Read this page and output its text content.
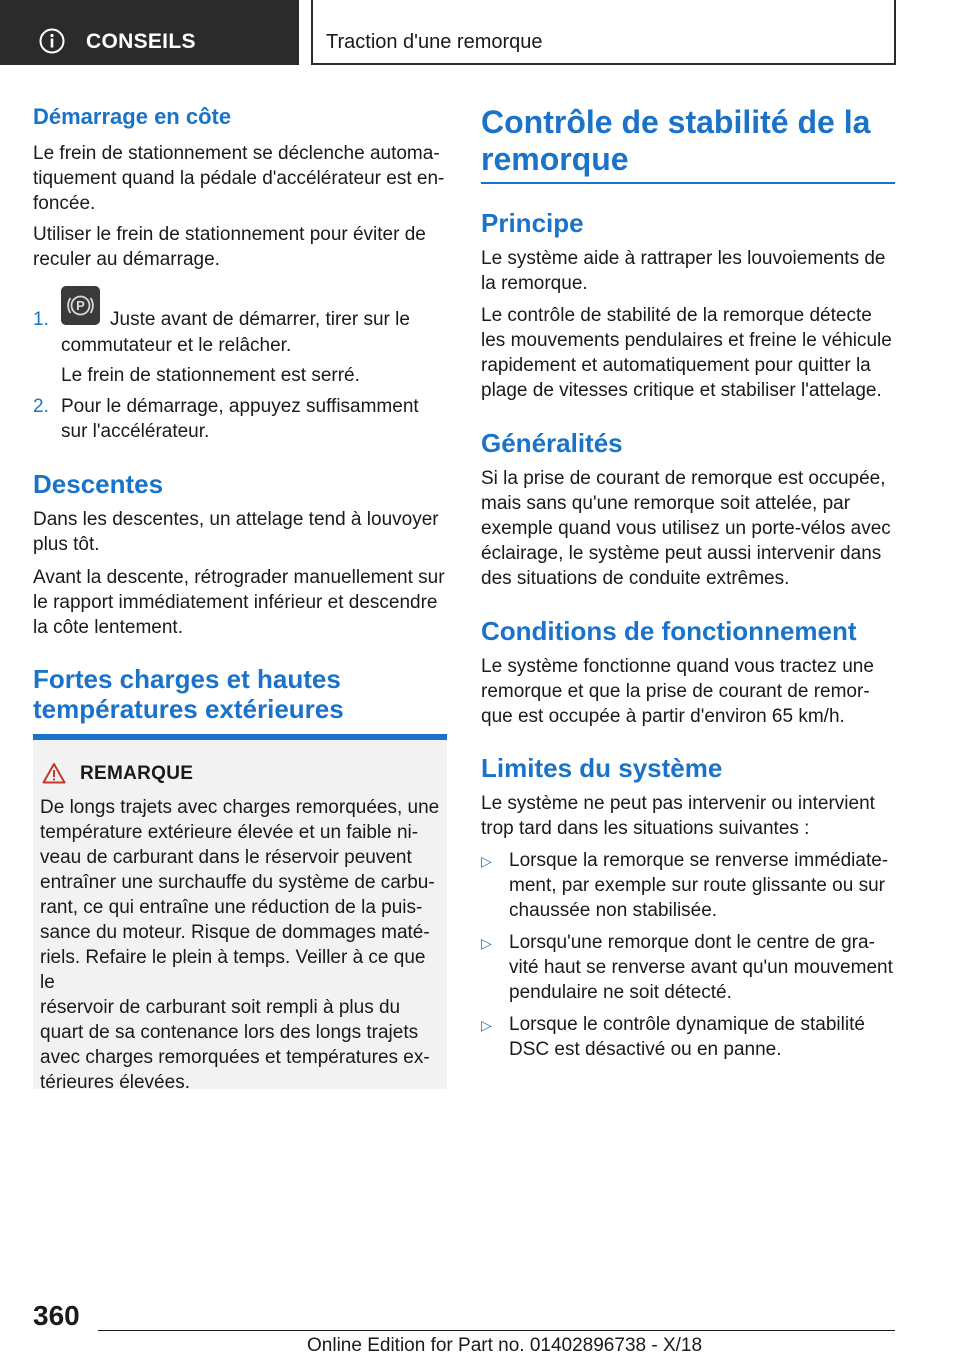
CONSEILS	Traction d'une remorque
Démarrage en côte
Le frein de stationnement se déclenche automa-
tiquement quand la pédale d'accélérateur est en-
foncée.
Utiliser le frein de stationnement pour éviter de
reculer au démarrage.
1.
P
Juste avant de démarrer, tirer sur le
commutateur et le relâcher.
Le frein de stationnement est serré.
2. Pour le démarrage, appuyez suffisamment
sur l'accélérateur.
Descentes
Dans les descentes, un attelage tend à louvoyer
plus tôt.
Avant la descente, rétrograder manuellement sur
le rapport immédiatement inférieur et descendre
la côte lentement.
Fortes charges et hautes
températures extérieures
REMARQUE
De longs trajets avec charges remorquées, une
température extérieure élevée et un faible ni-
veau de carburant dans le réservoir peuvent
entraîner une surchauffe du système de carbu-
rant, ce qui entraîne une réduction de la puis-
sance du moteur. Risque de dommages maté-
riels. Refaire le plein à temps. Veiller à ce que le
réservoir de carburant soit rempli à plus du
quart de sa contenance lors des longs trajets
avec charges remorquées et températures ex-
térieures élevées.
Contrôle de stabilité de la
remorque
Principe
Le système aide à rattraper les louvoiements de
la remorque.
Le contrôle de stabilité de la remorque détecte
les mouvements pendulaires et freine le véhicule
rapidement et automatiquement pour quitter la
plage de vitesses critique et stabiliser l'attelage.
Généralités
Si la prise de courant de remorque est occupée,
mais sans qu'une remorque soit attelée, par
exemple quand vous utilisez un porte-vélos avec
éclairage, le système peut aussi intervenir dans
des situations de conduite extrêmes.
Conditions de fonctionnement
Le système fonctionne quand vous tractez une
remorque et que la prise de courant de remor-
que est occupée à partir d'environ 65 km/h.
Limites du système
Le système ne peut pas intervenir ou intervient
trop tard dans les situations suivantes :
▷ Lorsque la remorque se renverse immédiate-
ment, par exemple sur route glissante ou sur
chaussée non stabilisée.
▷ Lorsqu'une remorque dont le centre de gra-
vité haut se renverse avant qu'un mouvement
pendulaire ne soit détecté.
▷ Lorsque le contrôle dynamique de stabilité
DSC est désactivé ou en panne.
360
Online Edition for Part no. 01402896738 - X/18
